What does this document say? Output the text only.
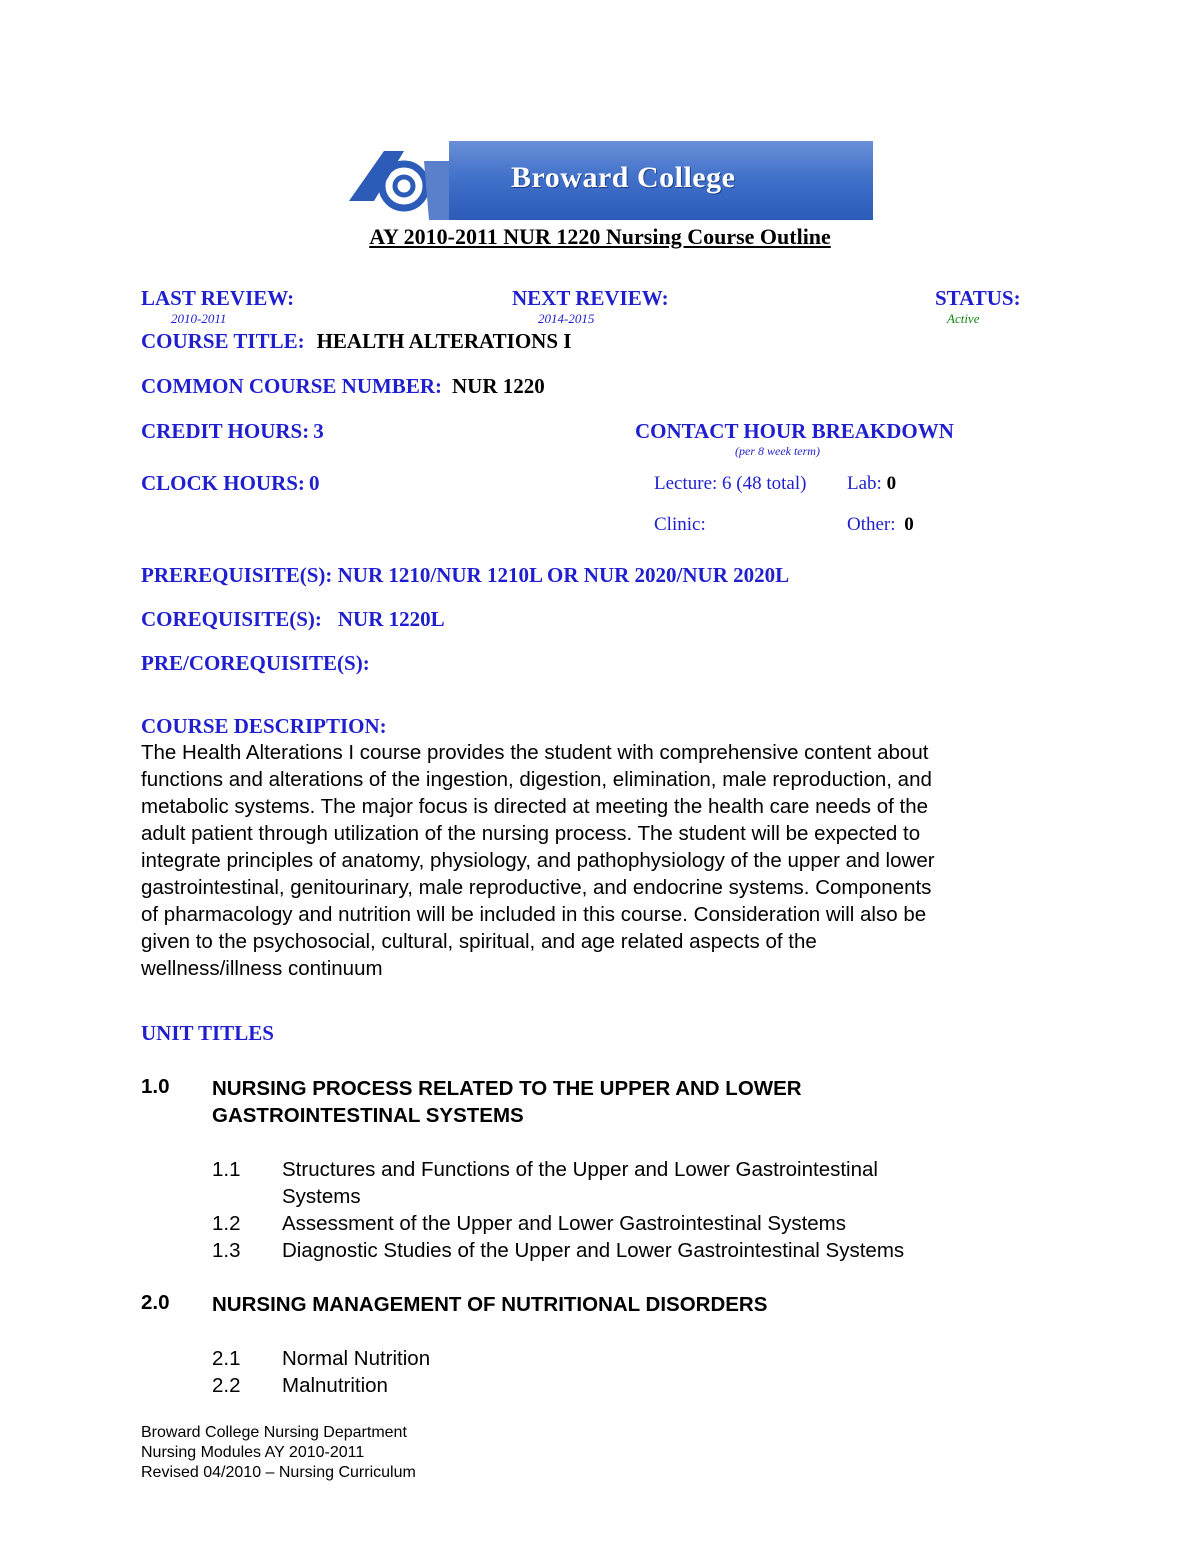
Broward College
AY 2010-2011 NUR 1220 Nursing Course Outline
LAST REVIEW:
2010-2011
NEXT REVIEW:
2014-2015
STATUS:
Active
COURSE TITLE: HEALTH ALTERATIONS I
COMMON COURSE NUMBER: NUR 1220
CREDIT HOURS: 3	CONTACT HOUR BREAKDOWN
(per 8 week term)
CLOCK HOURS: 0	Lecture: 6 (48 total) Lab: 0
Clinic:	Other: 0
PREREQUISITE(S): NUR 1210/NUR 1210L OR NUR 2020/NUR 2020L
COREQUISITE(S): NUR 1220L
PRE/COREQUISITE(S):
COURSE DESCRIPTION:

The Health Alterations I course provides the student with comprehensive content about

functions and alterations of the ingestion, digestion, elimination, male reproduction, and

metabolic systems. The major focus is directed at meeting the health care needs of the

adult patient through utilization of the nursing process. The student will be expected to

integrate principles of anatomy, physiology, and pathophysiology of the upper and lower

gastrointestinal, genitourinary, male reproductive, and endocrine systems. Components

of pharmacology and nutrition will be included in this course. Consideration will also be

given to the psychosocial, cultural, spiritual, and age related aspects of the

wellness/illness continuum

UNIT TITLES
1.0 NURSING PROCESS RELATED TO THE UPPER AND LOWER
GASTROINTESTINAL SYSTEMS
1.1 Structures and Functions of the Upper and Lower Gastrointestinal
Systems
1.2 Assessment of the Upper and Lower Gastrointestinal Systems
1.3 Diagnostic Studies of the Upper and Lower Gastrointestinal Systems
2.0 NURSING MANAGEMENT OF NUTRITIONAL DISORDERS
2.1 Normal Nutrition
2.2 Malnutrition
Broward College Nursing Department
Nursing Modules AY 2010-2011
Revised 04/2010 – Nursing Curriculum
